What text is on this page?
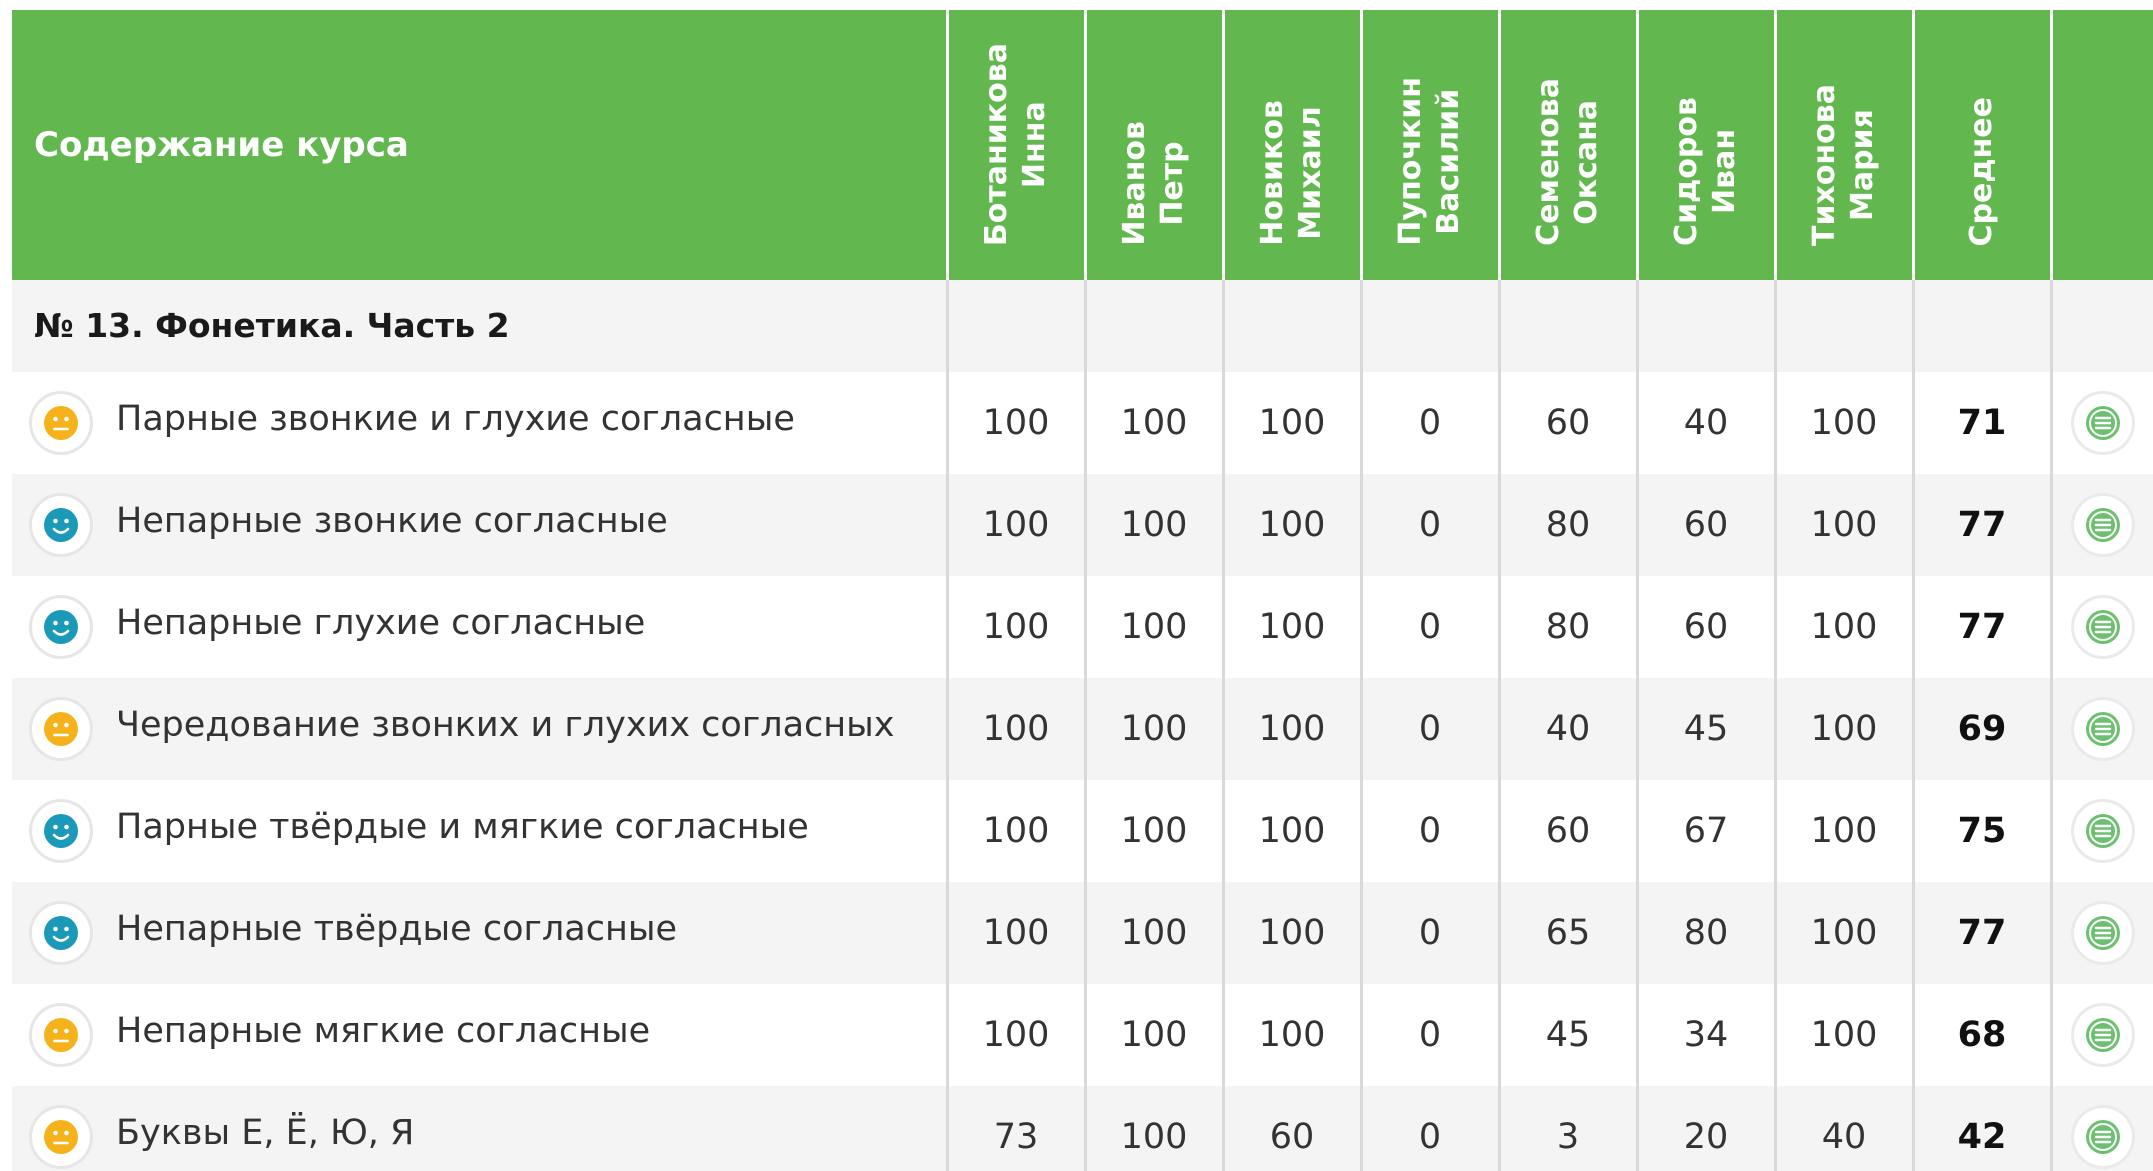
Содержание курса	Ботаникова Инна	Иванов Петр	Новиков Михаил	Пупочкин Василий	Семенова Оксана	Сидоров Иван	Тихонова Мария	Среднее	

№ 13. Фонетика. Часть 2									

Парные звонкие и глухие согласные	100	100	100	0	60	40	100	71	

Непарные звонкие согласные	100	100	100	0	80	60	100	77	

Непарные глухие согласные	100	100	100	0	80	60	100	77	

Чередование звонких и глухих согласных	100	100	100	0	40	45	100	69	

Парные твёрдые и мягкие согласные	100	100	100	0	60	67	100	75	

Непарные твёрдые согласные	100	100	100	0	65	80	100	77	

Непарные мягкие согласные	100	100	100	0	45	34	100	68	

Буквы Е, Ё, Ю, Я	73	100	60	0	3	20	40	42	
